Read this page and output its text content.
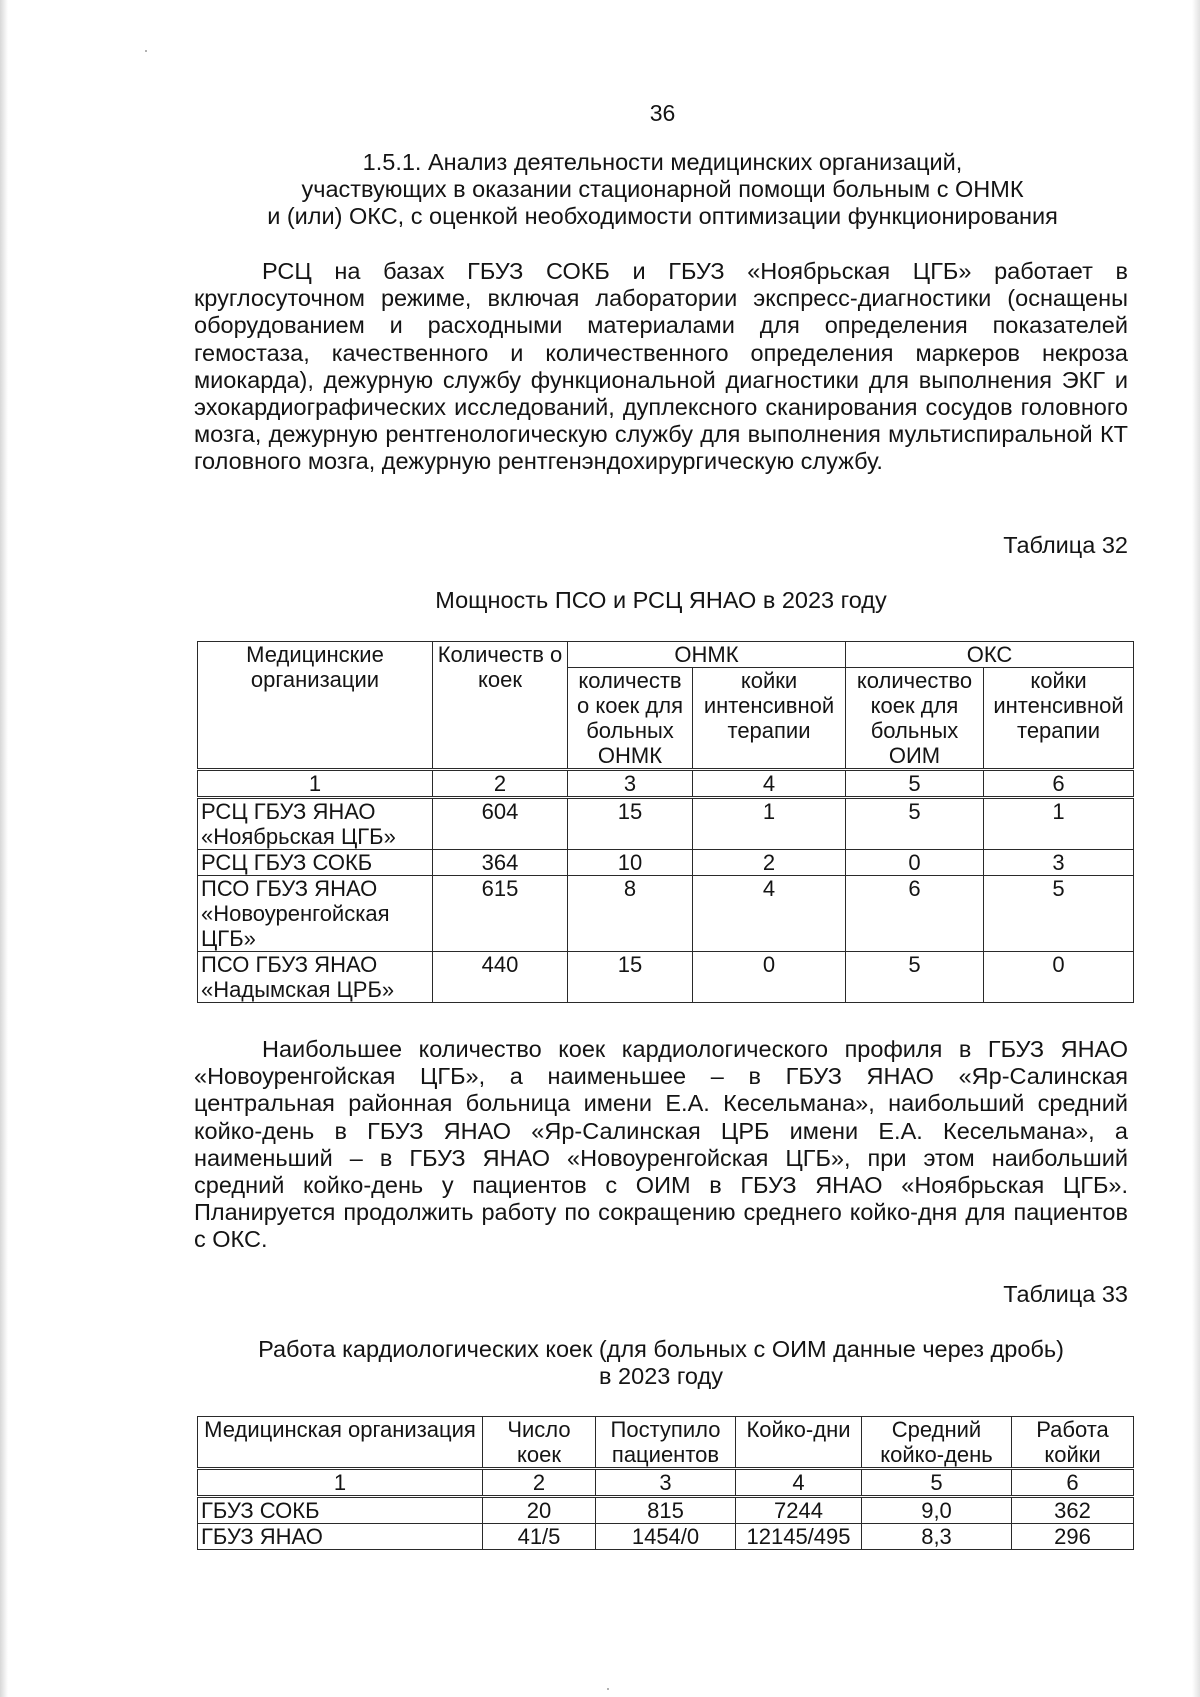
36
1.5.1. Анализ деятельности медицинских организаций,
участвующих в оказании стационарной помощи больным с ОНМК
и (или) ОКС, с оценкой необходимости оптимизации функционирования

РСЦ на базах ГБУЗ СОКБ и ГБУЗ «Ноябрьская ЦГБ» работает в круглосуточном режиме, включая лаборатории экспресс-диагностики (оснащены оборудованием и расходными материалами для определения показателей гемостаза, качественного и количественного определения маркеров некроза миокарда), дежурную службу функциональной диагностики для выполнения ЭКГ и эхокардиографических исследований, дуплексного сканирования сосудов головного мозга, дежурную рентгенологическую службу для выполнения мультиспиральной КТ головного мозга, дежурную рентгенэндохирургическую службу.

Таблица 32
Мощность ПСО и РСЦ ЯНАО в 2023 году
Медицинские организации	Количеств о коек	ОНМК		ОКС	
		количеств о коек для больных ОНМК	койки интенсивной терапии	количество коек для больных ОИМ	койки интенсивной терапии
1	2	3	4	5	6
РСЦ ГБУЗ ЯНАО «Ноябрьская ЦГБ»	604	15	1	5	1
РСЦ ГБУЗ СОКБ	364	10	2	0	3
ПСО ГБУЗ ЯНАО «Новоуренгойская ЦГБ»	615	8	4	6	5
ПСО ГБУЗ ЯНАО «Надымская ЦРБ»	440	15	0	5	0

Наибольшее количество коек кардиологического профиля в ГБУЗ ЯНАО «Новоуренгойская ЦГБ», а наименьшее – в ГБУЗ ЯНАО «Яр-Салинская центральная районная больница имени Е.А. Кесельмана», наибольший средний койко-день в ГБУЗ ЯНАО «Яр-Салинская ЦРБ имени Е.А. Кесельмана», а наименьший – в ГБУЗ ЯНАО «Новоуренгойская ЦГБ», при этом наибольший средний койко-день у пациентов с ОИМ в ГБУЗ ЯНАО «Ноябрьская ЦГБ». Планируется продолжить работу по сокращению среднего койко-дня для пациентов с ОКС.

Таблица 33
Работа кардиологических коек (для больных с ОИМ данные через дробь)
в 2023 году
Медицинская организация	Число коек	Поступило пациентов	Койко-дни	Средний койко-день	Работа койки
1	2	3	4	5	6
ГБУЗ СОКБ	20	815	7244	9,0	362
ГБУЗ ЯНАО	41/5	1454/0	12145/495	8,3	296
